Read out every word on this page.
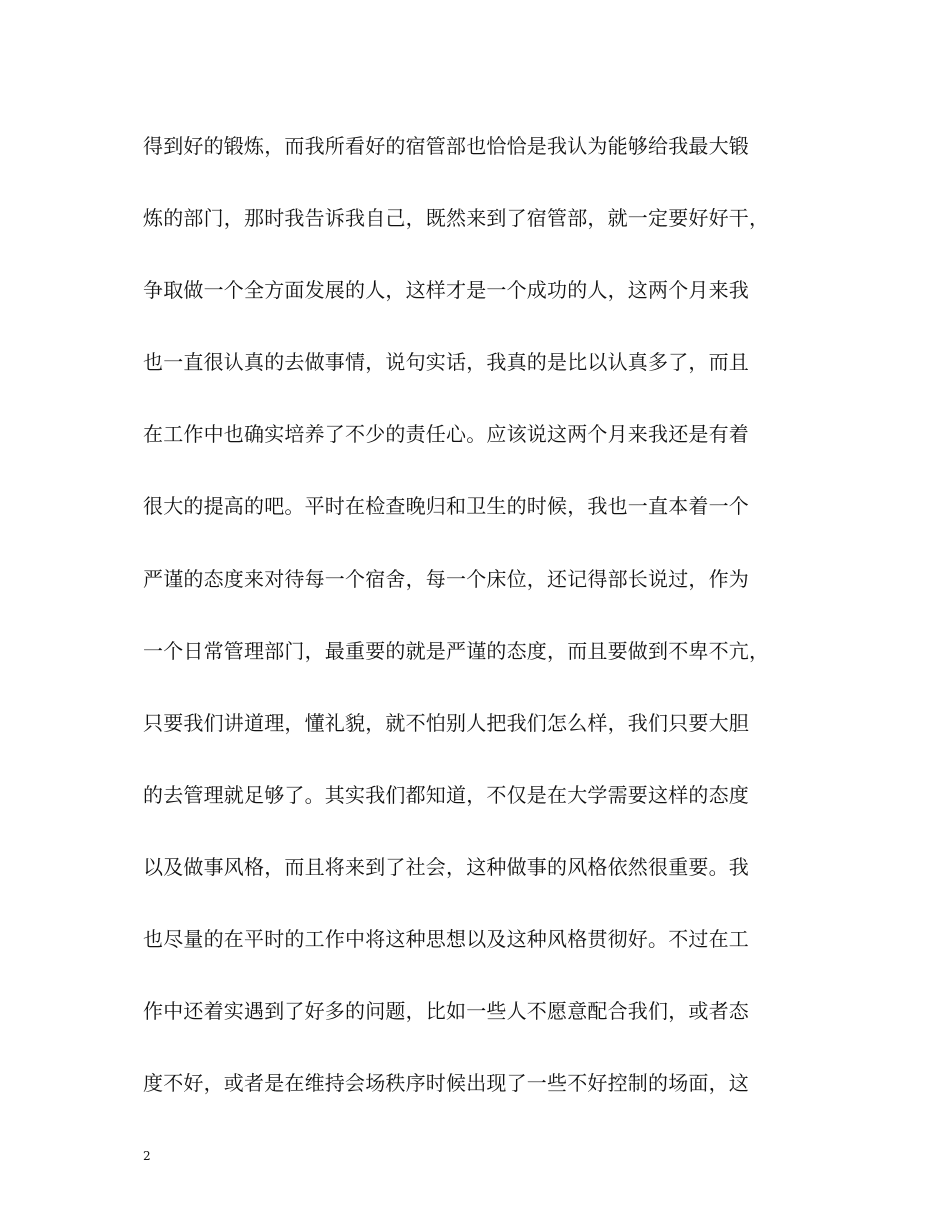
得到好的锻炼，而我所看好的宿管部也恰恰是我认为能够给我最大锻
炼的部门，那时我告诉我自己，既然来到了宿管部，就一定要好好干，
争取做一个全方面发展的人，这样才是一个成功的人，这两个月来我
也一直很认真的去做事情，说句实话，我真的是比以认真多了，而且
在工作中也确实培养了不少的责任心。应该说这两个月来我还是有着
很大的提高的吧。平时在检查晚归和卫生的时候，我也一直本着一个
严谨的态度来对待每一个宿舍，每一个床位，还记得部长说过，作为
一个日常管理部门，最重要的就是严谨的态度，而且要做到不卑不亢，
只要我们讲道理，懂礼貌，就不怕别人把我们怎么样，我们只要大胆
的去管理就足够了。其实我们都知道，不仅是在大学需要这样的态度
以及做事风格，而且将来到了社会，这种做事的风格依然很重要。我
也尽量的在平时的工作中将这种思想以及这种风格贯彻好。不过在工
作中还着实遇到了好多的问题，比如一些人不愿意配合我们，或者态
度不好，或者是在维持会场秩序时候出现了一些不好控制的场面，这
2
